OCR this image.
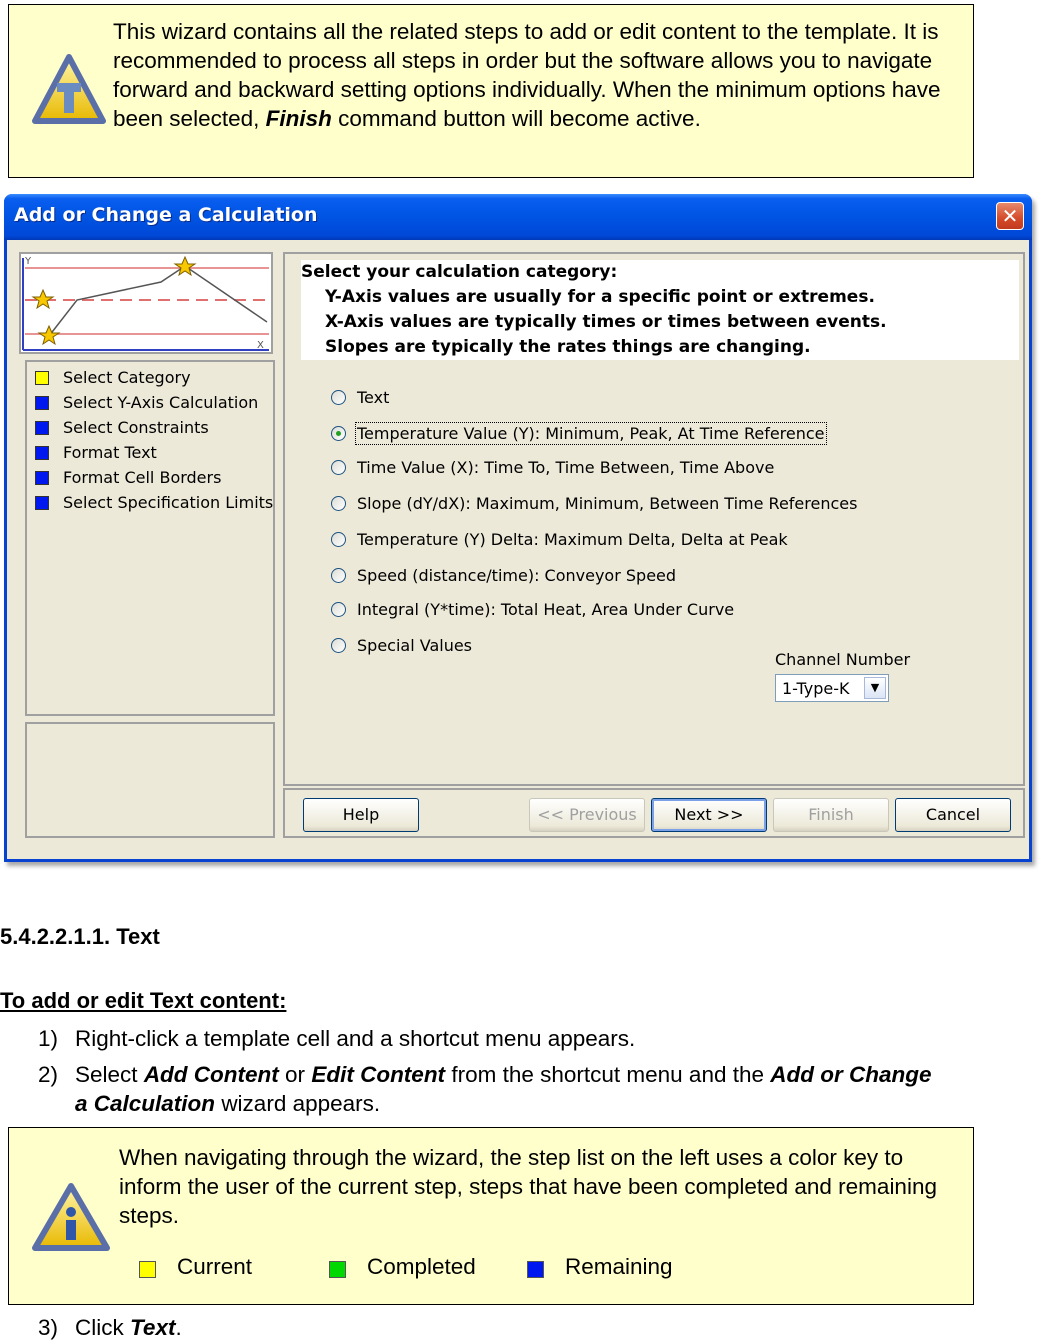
This wizard contains all the related steps to add or edit content to the template. It is recommended to process all steps in order but the software allows you to navigate forward and backward setting options individually. When the minimum options have been selected, Finish command button will become active.
Add or Change a Calculation	✕
Y
X
Select Category
Select Y-Axis Calculation
Select Constraints
Format Text
Format Cell Borders
Select Specification Limits
Select your calculation category:
Y-Axis values are usually for a specific point or extremes.
X-Axis values are typically times or times between events.
Slopes are typically the rates things are changing.
Text
Temperature Value (Y): Minimum, Peak, At Time Reference
Time Value (X): Time To, Time Between, Time Above
Slope (dY/dX): Maximum, Minimum, Between Time References
Temperature (Y) Delta: Maximum Delta, Delta at Peak
Speed (distance/time): Conveyor Speed
Integral (Y*time): Total Heat, Area Under Curve
Special Values
Channel Number
1-Type-K	▼
Help	<< Previous	Next >>	Finish	Cancel
5.4.2.2.1.1. Text
To add or edit Text content:
1) Right-click a template cell and a shortcut menu appears.
2) Select Add Content or Edit Content from the shortcut menu and the Add or Change a Calculation wizard appears.
When navigating through the wizard, the step list on the left uses a color key to inform the user of the current step, steps that have been completed and remaining steps.
Current	Completed	Remaining
3) Click Text.
